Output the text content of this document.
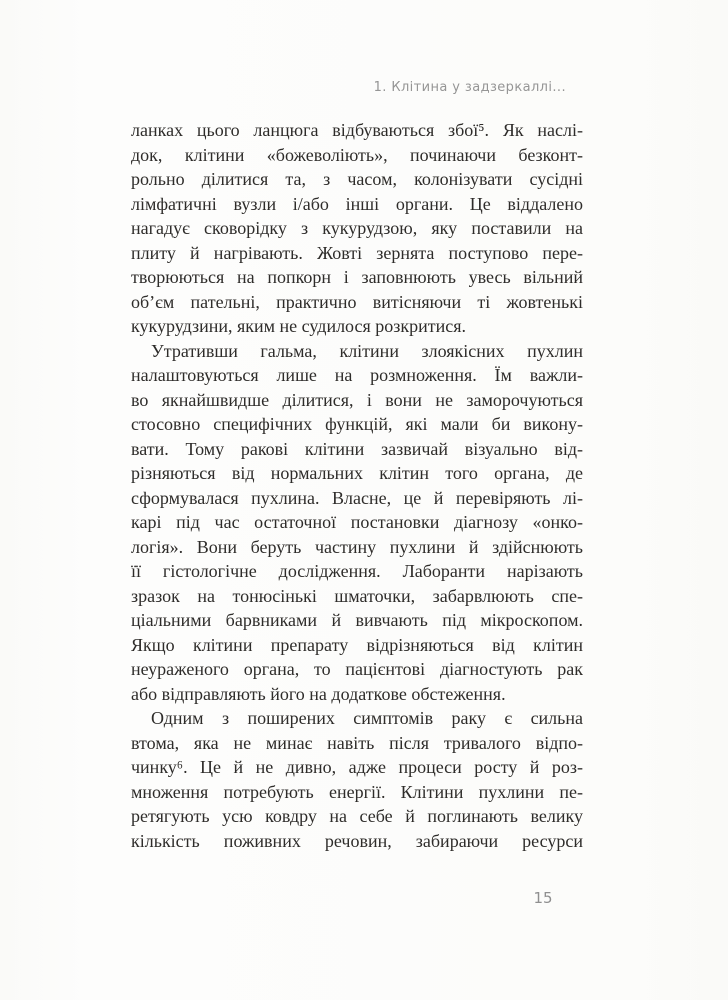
1. Клітина у задзеркаллі...
ланках цього ланцюга відбуваються збої⁵. Як наслі-
док, клітини «божеволіють», починаючи безконт-
рольно ділитися та, з часом, колонізувати сусідні
лімфатичні вузли і/або інші органи. Це віддалено
нагадує сковорідку з кукурудзою, яку поставили на
плиту й нагрівають. Жовті зернята поступово пере-
творюються на попкорн і заповнюють увесь вільний
об’єм пательні, практично витісняючи ті жовтенькі
кукурудзини, яким не судилося розкритися.
Утративши гальма, клітини злоякісних пухлин
налаштовуються лише на розмноження. Їм важли-
во якнайшвидше ділитися, і вони не заморочуються
стосовно специфічних функцій, які мали би викону-
вати. Тому ракові клітини зазвичай візуально від-
різняються від нормальних клітин того органа, де
сформувалася пухлина. Власне, це й перевіряють лі-
карі під час остаточної постановки діагнозу «онко-
логія». Вони беруть частину пухлини й здійснюють
її гістологічне дослідження. Лаборанти нарізають
зразок на тонюсінькі шматочки, забарвлюють спе-
ціальними барвниками й вивчають під мікроскопом.
Якщо клітини препарату відрізняються від клітин
неураженого органа, то пацієнтові діагностують рак
або відправляють його на додаткове обстеження.
Одним з поширених симптомів раку є сильна
втома, яка не минає навіть після тривалого відпо-
чинку⁶. Це й не дивно, адже процеси росту й роз-
множення потребують енергії. Клітини пухлини пе-
ретягують усю ковдру на себе й поглинають велику
кількість поживних речовин, забираючи ресурси
15
